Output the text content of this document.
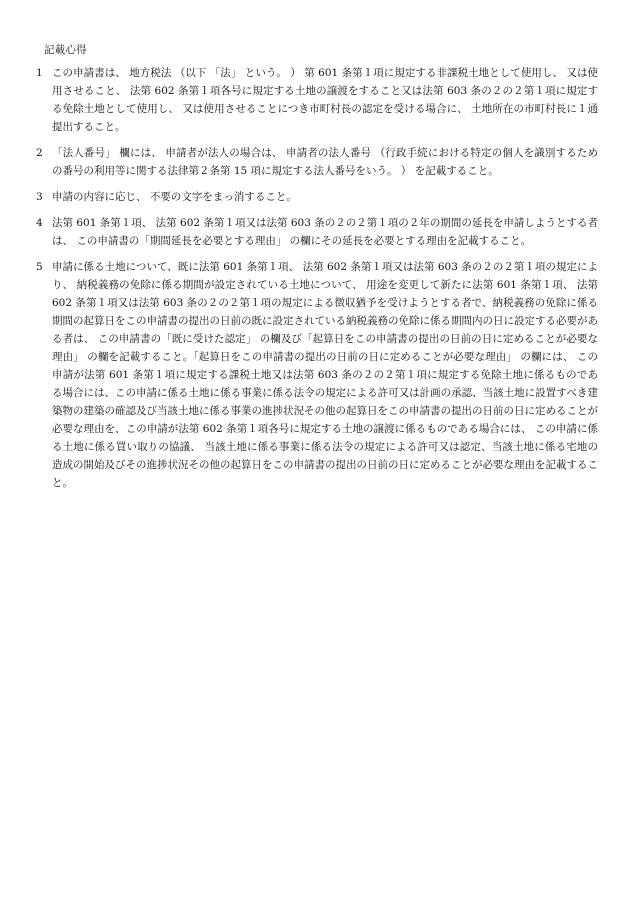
記載心得
1 この申請書は、 地方税法 （以下 「法」 という。 ） 第 601 条第１項に規定する非課税土地として使用し、 又は使用させること、 法第 602 条第１項各号に規定する土地の譲渡をすること又は法第 603 条の２の２第１項に規定する免除土地として使用し、 又は使用させることにつき市町村長の認定を受ける場合に、 土地所在の市町村長に１通提出すること。
2 「法人番号」 欄には、 申請者が法人の場合は、 申請者の法人番号 （行政手続における特定の個人を識別するための番号の利用等に関する法律第２条第 15 項に規定する法人番号をいう。 ） を記載すること。
3 申請の内容に応じ、 不要の文字をまっ消すること。
4 法第 601 条第１項、 法第 602 条第１項又は法第 603 条の２の２第１項の２年の期間の延長を申請しようとする者は、 この申請書の「期間延長を必要とする理由」 の欄にその延長を必要とする理由を記載すること。
5 申請に係る土地について、既に法第 601 条第１項、 法第 602 条第１項又は法第 603 条の２の２第１項の規定により、 納税義務の免除に係る期間が設定されている土地について、 用途を変更して新たに法第 601 条第１項、 法第 602 条第１項又は法第 603 条の２の２第１項の規定による徴収猶予を受けようとする者で、納税義務の免除に係る期間の起算日をこの申請書の提出の日前の既に設定されている納税義務の免除に係る期間内の日に設定する必要がある者は、 この申請書の「既に受けた認定」 の欄及び「起算日をこの申請書の提出の日前の日に定めることが必要な理由」 の欄を記載すること。「起算日をこの申請書の提出の日前の日に定めることが必要な理由」 の欄には、 この申請が法第 601 条第１項に規定する課税土地又は法第 603 条の２の２第１項に規定する免除土地に係るものである場合には、この申請に係る土地に係る事業に係る法令の規定による許可又は計画の承認、当該土地に設置すべき建築物の建築の確認及び当該土地に係る事業の進捗状況その他の起算日をこの申請書の提出の日前の日に定めることが必要な理由を、この申請が法第 602 条第１項各号に規定する土地の譲渡に係るものである場合には、 この申請に係る土地に係る買い取りの協議、 当該土地に係る事業に係る法令の規定による許可又は認定、当該土地に係る宅地の造成の開始及びその進捗状況その他の起算日をこの申請書の提出の日前の日に定めることが必要な理由を記載すること。
